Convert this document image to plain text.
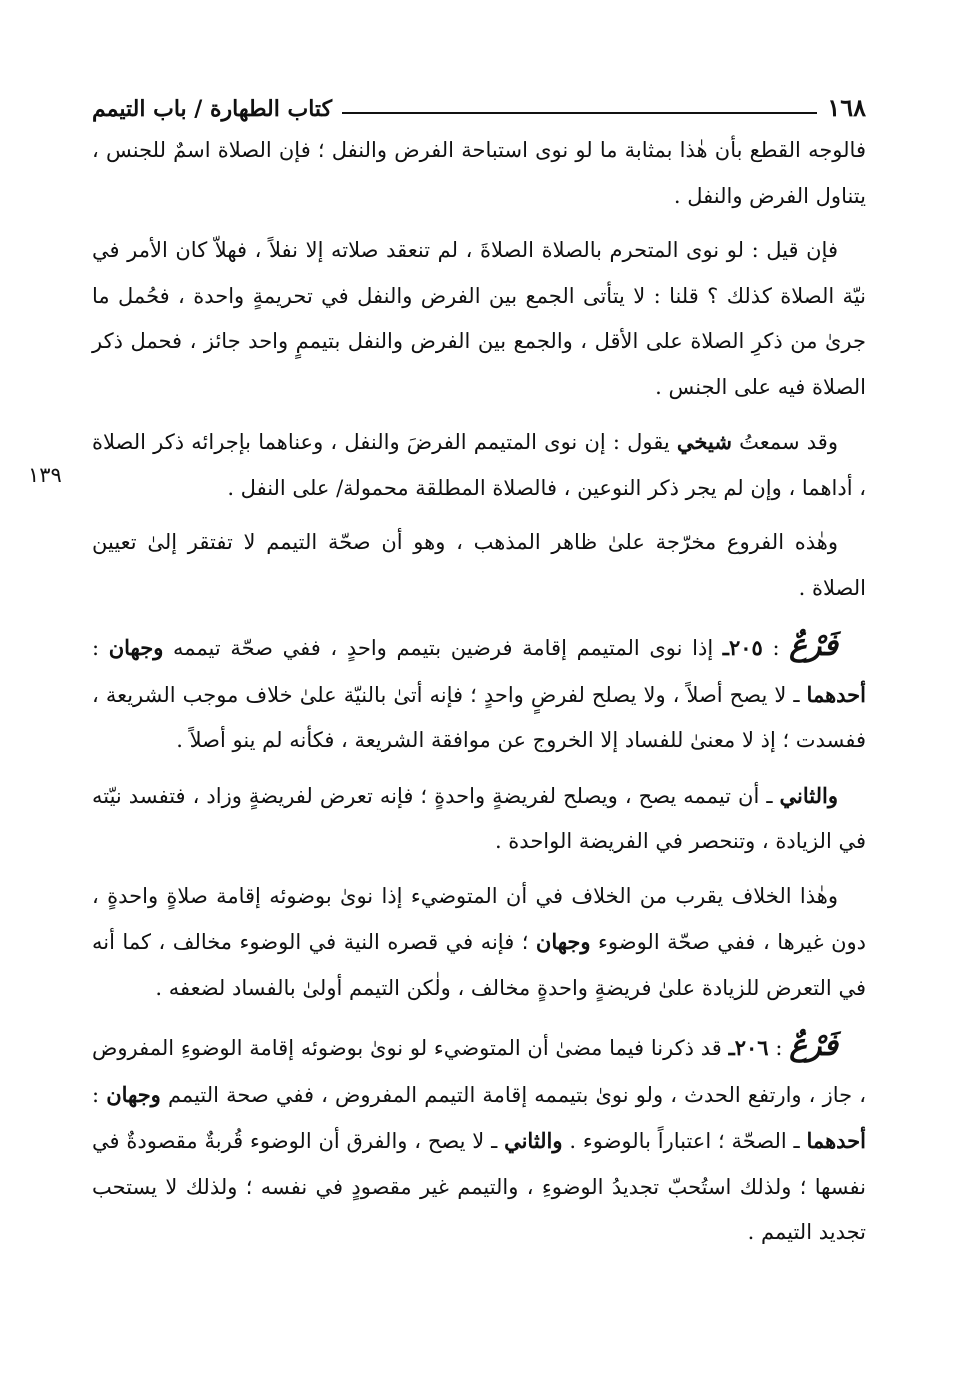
١٦٨
كتاب الطهارة / باب التيمم
١٣٩

فالوجه القطع بأن هٰذا بمثابة ما لو نوى استباحة الفرض والنفل ؛ فإن الصلاة اسمٌ للجنس ، يتناول الفرض والنفل .

فإن قيل : لو نوى المتحرم بالصلاة الصلاةَ ، لم تنعقد صلاته إلا نفلاً ، فهلاّ كان الأمر في نيّة الصلاة كذلك ؟ قلنا : لا يتأتى الجمع بين الفرض والنفل في تحريمةٍ واحدة ، فحُمل ما جرىٰ من ذكرِ الصلاة على الأقل ، والجمع بين الفرض والنفل بتيممٍ واحد جائز ، فحمل ذكر الصلاة فيه على الجنس .

وقد سمعتُ شيخي يقول : إن نوى المتيمم الفرضَ والنفل ، وعناهما بإجرائه ذكر الصلاة ، أداهما ، وإن لم يجر ذكر النوعين ، فالصلاة المطلقة محمولة/ على النفل .

وهٰذه الفروع مخرّجة علىٰ ظاهر المذهب ، وهو أن صحّة التيمم لا تفتقر إلىٰ تعيين الصلاة .

فَرْعٌ : ٢٠٥ـ إذا نوى المتيمم إقامة فرضين بتيمم واحدٍ ، ففي صحّة تيممه وجهان : أحدهما ـ لا يصح أصلاً ، ولا يصلح لفرضٍ واحدٍ ؛ فإنه أتىٰ بالنيّة علىٰ خلاف موجب الشريعة ، ففسدت ؛ إذ لا معنىٰ للفساد إلا الخروج عن موافقة الشريعة ، فكأنه لم ينو أصلاً .

والثاني ـ أن تيممه يصح ، ويصلح لفريضةٍ واحدةٍ ؛ فإنه تعرض لفريضةٍ وزاد ، فتفسد نيّته في الزيادة ، وتنحصر في الفريضة الواحدة .

وهٰذا الخلاف يقرب من الخلاف في أن المتوضيء إذا نوىٰ بوضوئه إقامة صلاةٍ واحدةٍ ، دون غيرها ، ففي صحّة الوضوء وجهان ؛ فإنه في قصره النية في الوضوء مخالف ، كما أنه في التعرض للزيادة علىٰ فريضةٍ واحدةٍ مخالف ، ولٰكن التيمم أولىٰ بالفساد لضعفه .

فَرْعٌ : ٢٠٦ـ قد ذكرنا فيما مضىٰ أن المتوضيء لو نوىٰ بوضوئه إقامة الوضوءِ المفروض ، جاز ، وارتفع الحدث ، ولو نوىٰ بتيممه إقامة التيمم المفروض ، ففي صحة التيمم وجهان : أحدهما ـ الصحّة ؛ اعتباراً بالوضوء . والثاني ـ لا يصح ، والفرق أن الوضوء قُربةٌ مقصودةٌ في نفسها ؛ ولذلك استُحبّ تجديدُ الوضوءِ ، والتيمم غير مقصودٍ في نفسه ؛ ولذلك لا يستحب تجديد التيمم .
